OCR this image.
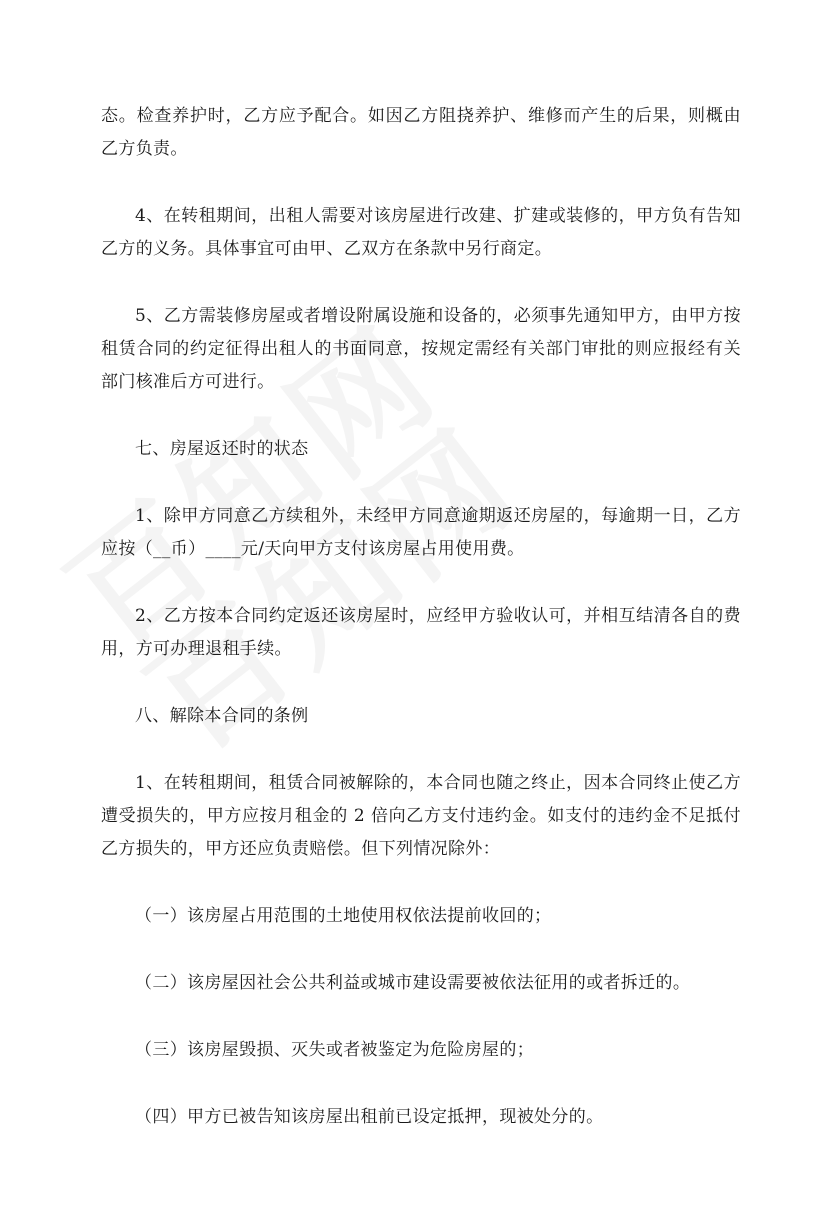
态。检查养护时，乙方应予配合。如因乙方阻挠养护、维修而产生的后果，则概由乙方负责。

4、在转租期间，出租人需要对该房屋进行改建、扩建或装修的，甲方负有告知乙方的义务。具体事宜可由甲、乙双方在条款中另行商定。

5、乙方需装修房屋或者增设附属设施和设备的，必须事先通知甲方，由甲方按租赁合同的约定征得出租人的书面同意，按规定需经有关部门审批的则应报经有关部门核准后方可进行。

七、房屋返还时的状态

1、除甲方同意乙方续租外，未经甲方同意逾期返还房屋的，每逾期一日，乙方应按（__币）____元/天向甲方支付该房屋占用使用费。

2、乙方按本合同约定返还该房屋时，应经甲方验收认可，并相互结清各自的费用，方可办理退租手续。

八、解除本合同的条例

1、在转租期间，租赁合同被解除的，本合同也随之终止，因本合同终止使乙方遭受损失的，甲方应按月租金的 2 倍向乙方支付违约金。如支付的违约金不足抵付乙方损失的，甲方还应负责赔偿。但下列情况除外：

（一）该房屋占用范围的土地使用权依法提前收回的；

（二）该房屋因社会公共利益或城市建设需要被依法征用的或者拆迁的。

（三）该房屋毁损、灭失或者被鉴定为危险房屋的；

（四）甲方已被告知该房屋出租前已设定抵押，现被处分的。
